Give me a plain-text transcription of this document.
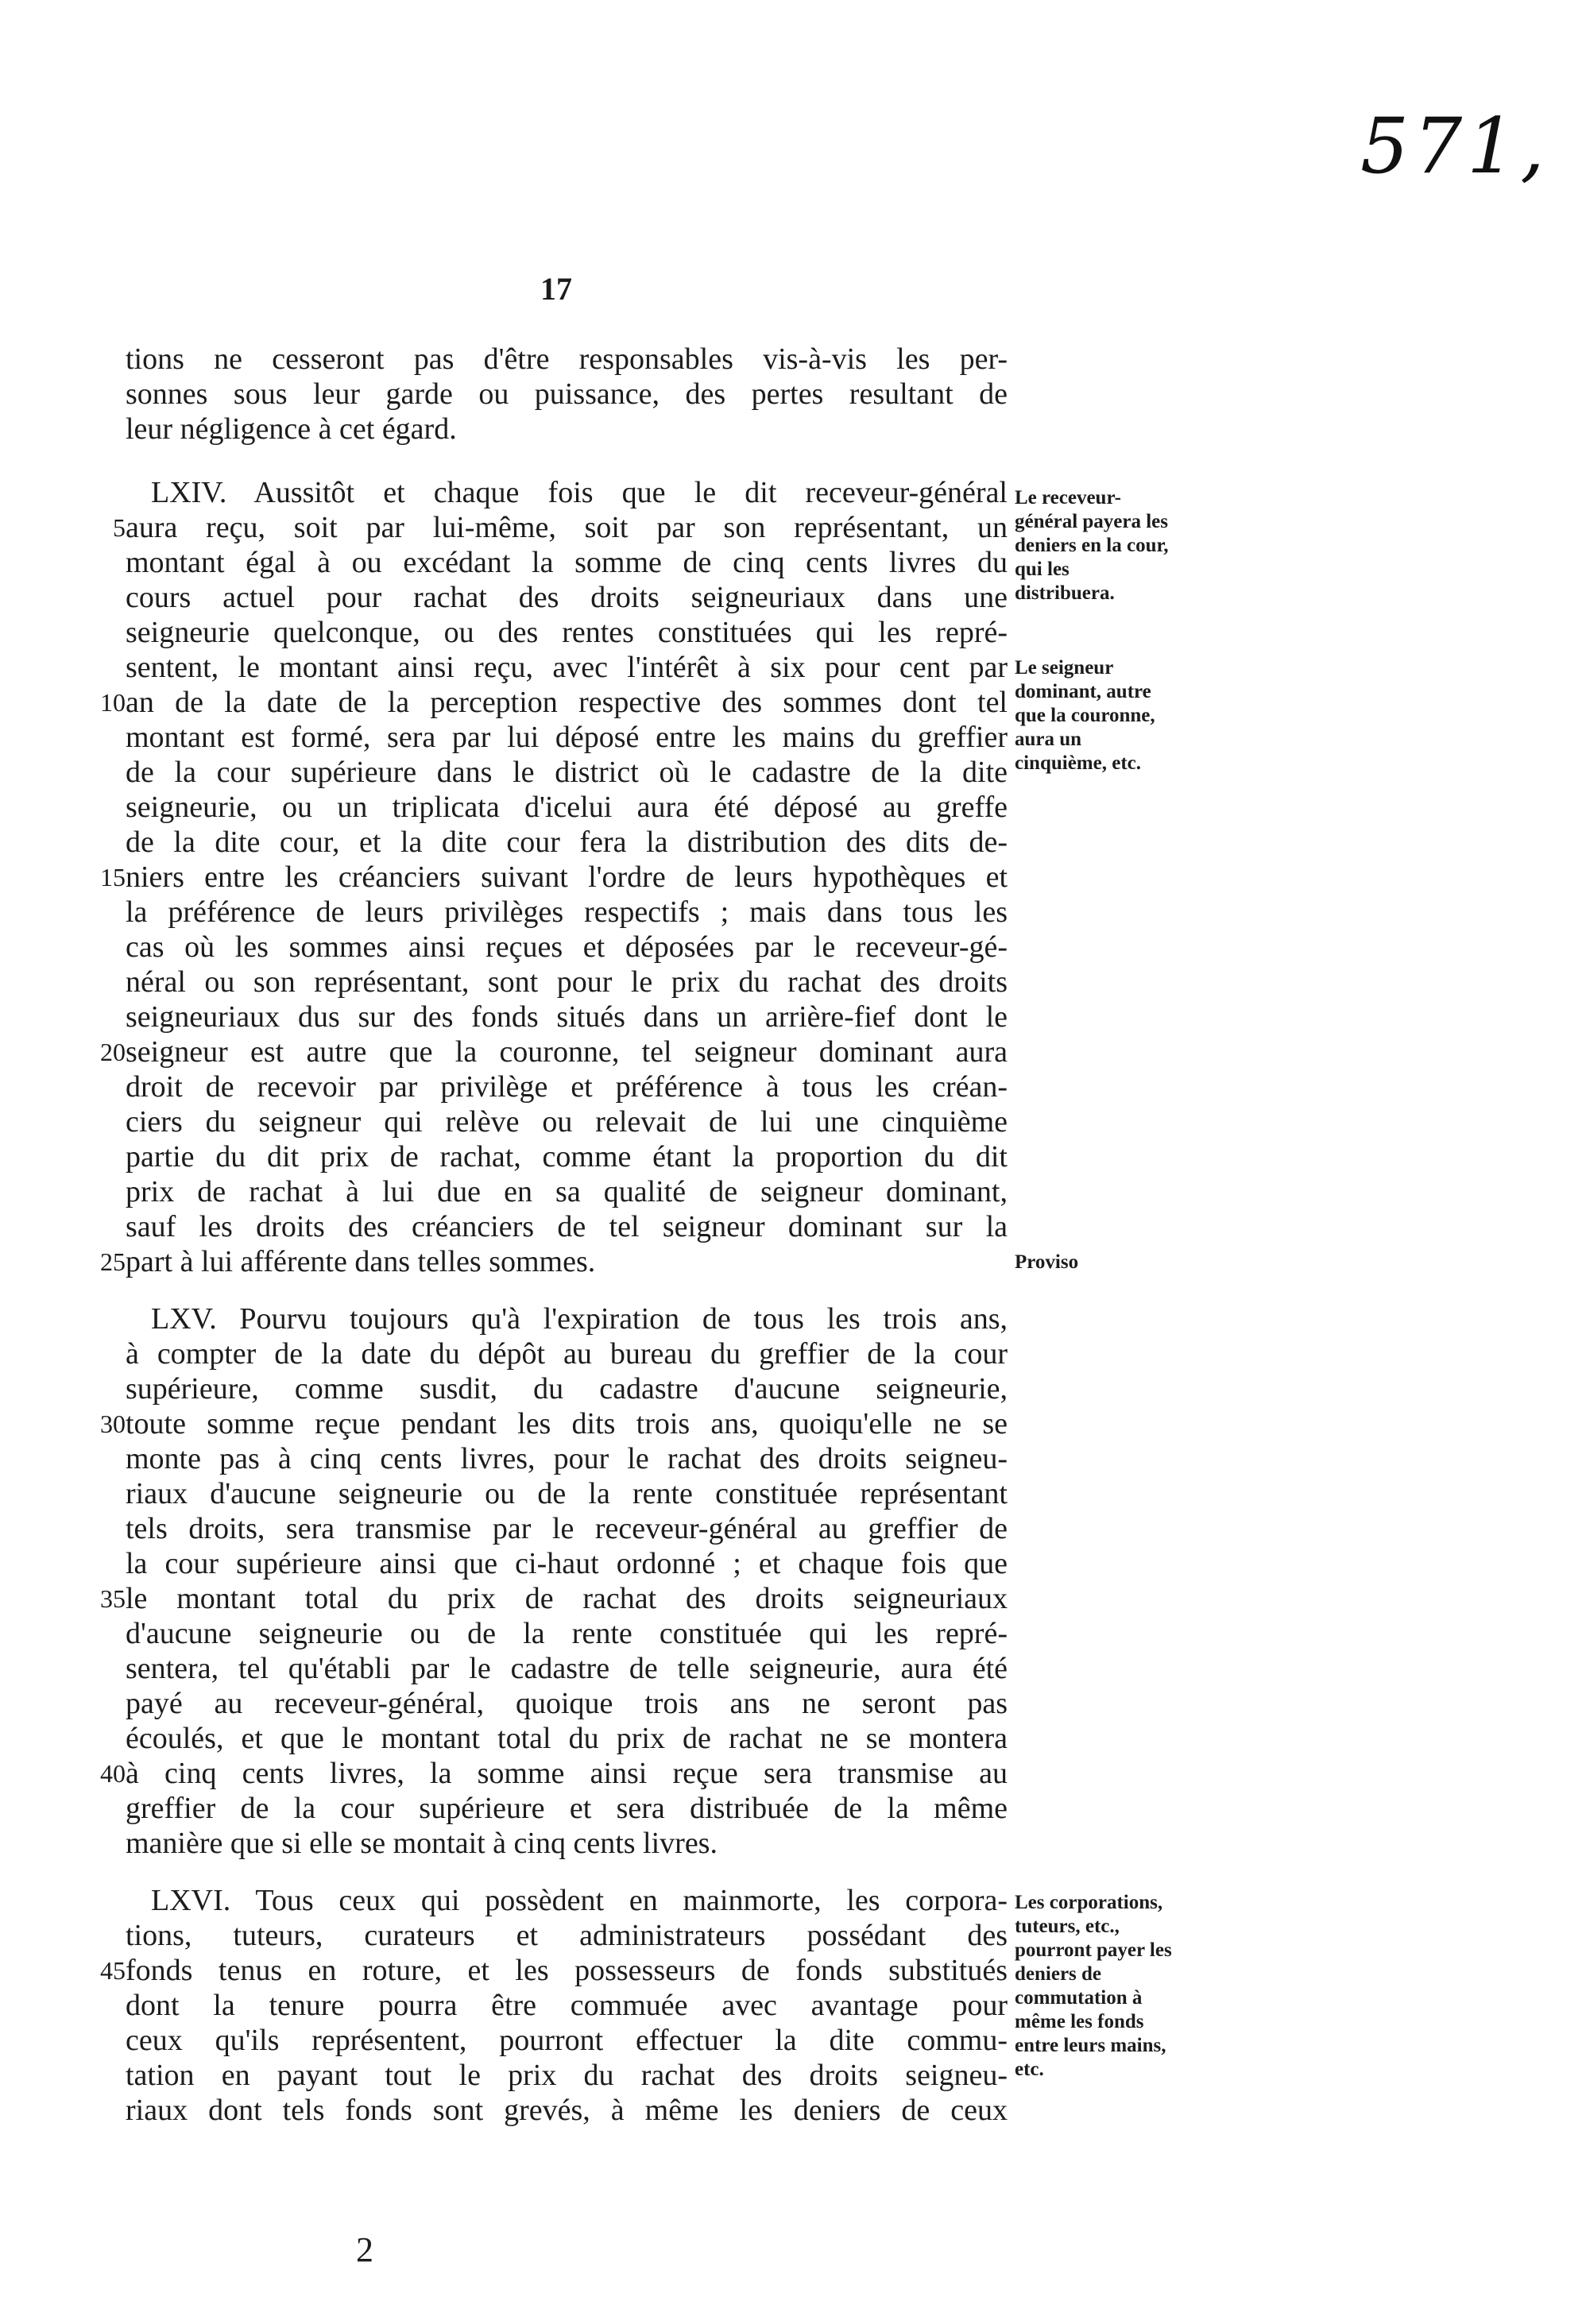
571,
17
tions ne cesseront pas d'être responsables vis-à-vis les per-
sonnes sous leur garde ou puissance, des pertes resultant de
leur négligence à cet égard.
LXIV. Aussitôt et chaque fois que le dit receveur-général
aura reçu, soit par lui-même, soit par son représentant, un
montant égal à ou excédant la somme de cinq cents livres du
cours actuel pour rachat des droits seigneuriaux dans une
seigneurie quelconque, ou des rentes constituées qui les repré-
sentent, le montant ainsi reçu, avec l'intérêt à six pour cent par
an de la date de la perception respective des sommes dont tel
montant est formé, sera par lui déposé entre les mains du greffier
de la cour supérieure dans le district où le cadastre de la dite
seigneurie, ou un triplicata d'icelui aura été déposé au greffe
de la dite cour, et la dite cour fera la distribution des dits de-
niers entre les créanciers suivant l'ordre de leurs hypothèques et
la préférence de leurs privilèges respectifs ; mais dans tous les
cas où les sommes ainsi reçues et déposées par le receveur-gé-
néral ou son représentant, sont pour le prix du rachat des droits
seigneuriaux dus sur des fonds situés dans un arrière-fief dont le
seigneur est autre que la couronne, tel seigneur dominant aura
droit de recevoir par privilège et préférence à tous les créan-
ciers du seigneur qui relève ou relevait de lui une cinquième
partie du dit prix de rachat, comme étant la proportion du dit
prix de rachat à lui due en sa qualité de seigneur dominant,
sauf les droits des créanciers de tel seigneur dominant sur la
part à lui afférente dans telles sommes.
LXV. Pourvu toujours qu'à l'expiration de tous les trois ans,
à compter de la date du dépôt au bureau du greffier de la cour
supérieure, comme susdit, du cadastre d'aucune seigneurie,
toute somme reçue pendant les dits trois ans, quoiqu'elle ne se
monte pas à cinq cents livres, pour le rachat des droits seigneu-
riaux d'aucune seigneurie ou de la rente constituée représentant
tels droits, sera transmise par le receveur-général au greffier de
la cour supérieure ainsi que ci-haut ordonné ; et chaque fois que
le montant total du prix de rachat des droits seigneuriaux
d'aucune seigneurie ou de la rente constituée qui les repré-
sentera, tel qu'établi par le cadastre de telle seigneurie, aura été
payé au receveur-général, quoique trois ans ne seront pas
écoulés, et que le montant total du prix de rachat ne se montera
à cinq cents livres, la somme ainsi reçue sera transmise au
greffier de la cour supérieure et sera distribuée de la même
manière que si elle se montait à cinq cents livres.
LXVI. Tous ceux qui possèdent en mainmorte, les corpora-
tions, tuteurs, curateurs et administrateurs possédant des
fonds tenus en roture, et les possesseurs de fonds substitués
dont la tenure pourra être commuée avec avantage pour
ceux qu'ils représentent, pourront effectuer la dite commu-
tation en payant tout le prix du rachat des droits seigneu-
riaux dont tels fonds sont grevés, à même les deniers de ceux
5
10
15
20
25
30
35
40
45
Le receveur-général payera les deniers en la cour, qui les distribuera.
Le seigneur dominant, autre que la couronne, aura un cinquième, etc.
Proviso
Les corporations, tuteurs, etc., pourront payer les deniers de commutation à même les fonds entre leurs mains, etc.
2
